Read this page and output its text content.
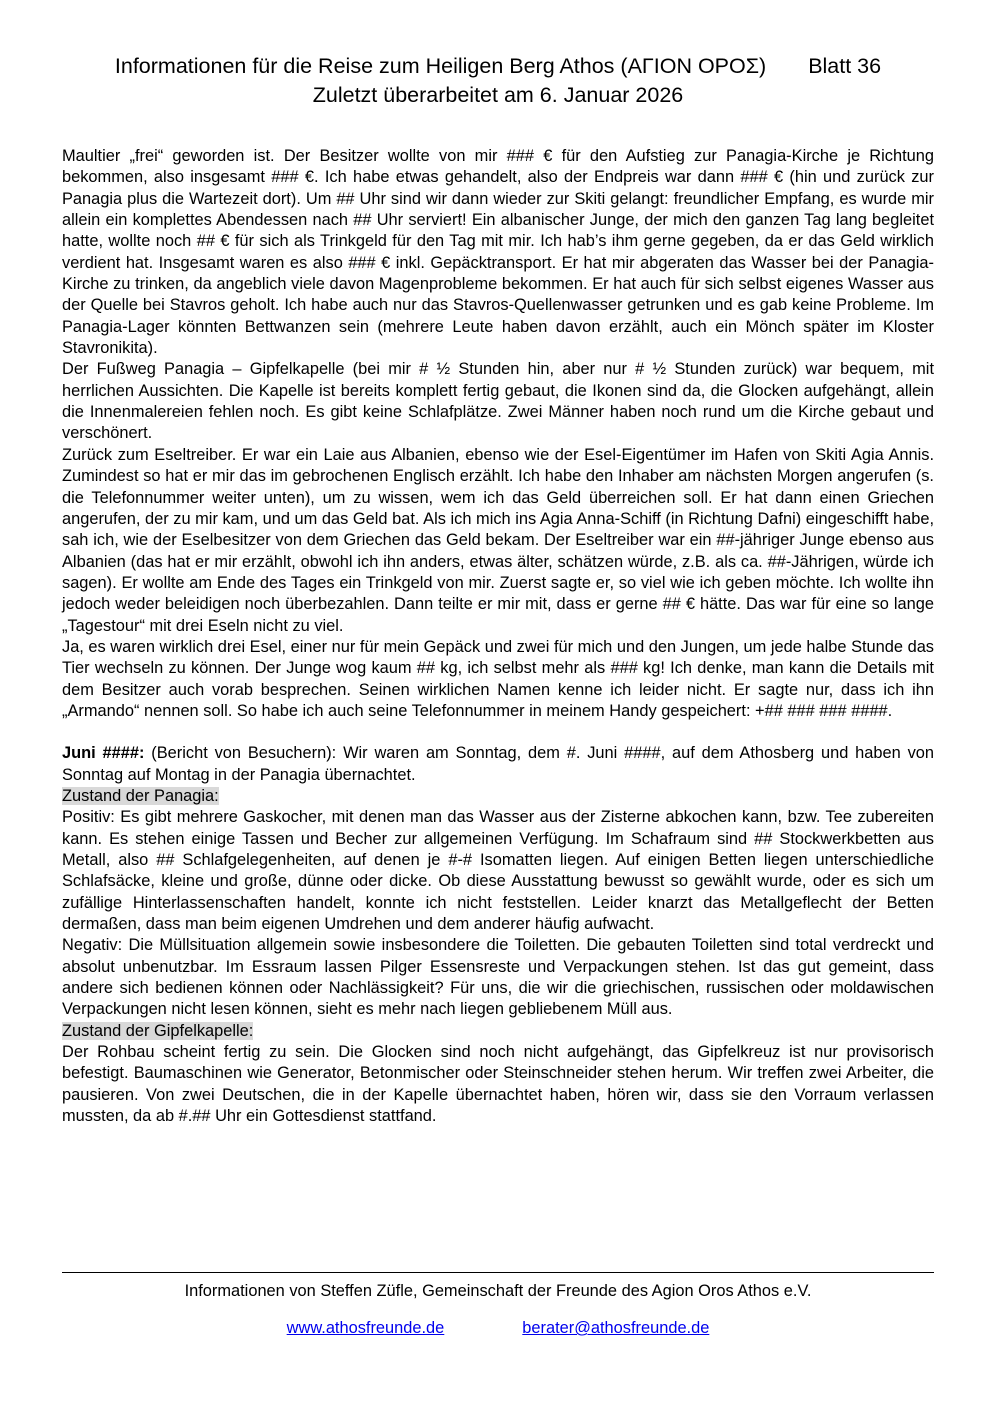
Informationen für die Reise zum Heiligen Berg Athos (ΑΓΙΟΝ ΟΡΟΣ) Blatt 36
Zuletzt überarbeitet am 6. Januar 2026

Maultier „frei“ geworden ist. Der Besitzer wollte von mir ### € für den Aufstieg zur Panagia-Kirche je Richtung bekommen, also insgesamt ### €. Ich habe etwas gehandelt, also der Endpreis war dann ### € (hin und zurück zur Panagia plus die Wartezeit dort). Um ## Uhr sind wir dann wieder zur Skiti gelangt: freundlicher Empfang, es wurde mir allein ein komplettes Abendessen nach ## Uhr serviert! Ein albanischer Junge, der mich den ganzen Tag lang begleitet hatte, wollte noch ## € für sich als Trinkgeld für den Tag mit mir. Ich hab’s ihm gerne gegeben, da er das Geld wirklich verdient hat. Insgesamt waren es also ### € inkl. Gepäcktransport. Er hat mir abgeraten das Wasser bei der Panagia-Kirche zu trinken, da angeblich viele davon Magenprobleme bekommen. Er hat auch für sich selbst eigenes Wasser aus der Quelle bei Stavros geholt. Ich habe auch nur das Stavros-Quellenwasser getrunken und es gab keine Probleme. Im Panagia-Lager könnten Bettwanzen sein (mehrere Leute haben davon erzählt, auch ein Mönch später im Kloster Stavronikita).

Der Fußweg Panagia – Gipfelkapelle (bei mir # ½ Stunden hin, aber nur # ½ Stunden zurück) war bequem, mit herrlichen Aussichten. Die Kapelle ist bereits komplett fertig gebaut, die Ikonen sind da, die Glocken aufgehängt, allein die Innenmalereien fehlen noch. Es gibt keine Schlafplätze. Zwei Männer haben noch rund um die Kirche gebaut und verschönert.

Zurück zum Eseltreiber. Er war ein Laie aus Albanien, ebenso wie der Esel-Eigentümer im Hafen von Skiti Agia Annis. Zumindest so hat er mir das im gebrochenen Englisch erzählt. Ich habe den Inhaber am nächsten Morgen angerufen (s. die Telefonnummer weiter unten), um zu wissen, wem ich das Geld überreichen soll. Er hat dann einen Griechen angerufen, der zu mir kam, und um das Geld bat. Als ich mich ins Agia Anna-Schiff (in Richtung Dafni) eingeschifft habe, sah ich, wie der Eselbesitzer von dem Griechen das Geld bekam. Der Eseltreiber war ein ##-jähriger Junge ebenso aus Albanien (das hat er mir erzählt, obwohl ich ihn anders, etwas älter, schätzen würde, z.B. als ca. ##-Jährigen, würde ich sagen). Er wollte am Ende des Tages ein Trinkgeld von mir. Zuerst sagte er, so viel wie ich geben möchte. Ich wollte ihn jedoch weder beleidigen noch überbezahlen. Dann teilte er mir mit, dass er gerne ## € hätte. Das war für eine so lange „Tagestour“ mit drei Eseln nicht zu viel.

Ja, es waren wirklich drei Esel, einer nur für mein Gepäck und zwei für mich und den Jungen, um jede halbe Stunde das Tier wechseln zu können. Der Junge wog kaum ## kg, ich selbst mehr als ### kg! Ich denke, man kann die Details mit dem Besitzer auch vorab besprechen. Seinen wirklichen Namen kenne ich leider nicht. Er sagte nur, dass ich ihn „Armando“ nennen soll. So habe ich auch seine Telefonnummer in meinem Handy gespeichert: +## ### ### ####.

Juni ####: (Bericht von Besuchern): Wir waren am Sonntag, dem #. Juni ####, auf dem Athosberg und haben von Sonntag auf Montag in der Panagia übernachtet.

Zustand der Panagia:

Positiv: Es gibt mehrere Gaskocher, mit denen man das Wasser aus der Zisterne abkochen kann, bzw. Tee zubereiten kann. Es stehen einige Tassen und Becher zur allgemeinen Verfügung. Im Schafraum sind ## Stockwerkbetten aus Metall, also ## Schlafgelegenheiten, auf denen je #-# Isomatten liegen. Auf einigen Betten liegen unterschiedliche Schlafsäcke, kleine und große, dünne oder dicke. Ob diese Ausstattung bewusst so gewählt wurde, oder es sich um zufällige Hinterlassenschaften handelt, konnte ich nicht feststellen. Leider knarzt das Metallgeflecht der Betten dermaßen, dass man beim eigenen Umdrehen und dem anderer häufig aufwacht.

Negativ: Die Müllsituation allgemein sowie insbesondere die Toiletten. Die gebauten Toiletten sind total verdreckt und absolut unbenutzbar. Im Essraum lassen Pilger Essensreste und Verpackungen stehen. Ist das gut gemeint, dass andere sich bedienen können oder Nachlässigkeit? Für uns, die wir die griechischen, russischen oder moldawischen Verpackungen nicht lesen können, sieht es mehr nach liegen gebliebenem Müll aus.

Zustand der Gipfelkapelle:

Der Rohbau scheint fertig zu sein. Die Glocken sind noch nicht aufgehängt, das Gipfelkreuz ist nur provisorisch befestigt. Baumaschinen wie Generator, Betonmischer oder Steinschneider stehen herum. Wir treffen zwei Arbeiter, die pausieren. Von zwei Deutschen, die in der Kapelle übernachtet haben, hören wir, dass sie den Vorraum verlassen mussten, da ab #.## Uhr ein Gottesdienst stattfand.

Informationen von Steffen Züfle, Gemeinschaft der Freunde des Agion Oros Athos e.V.
www.athosfreunde.de	berater@athosfreunde.de
